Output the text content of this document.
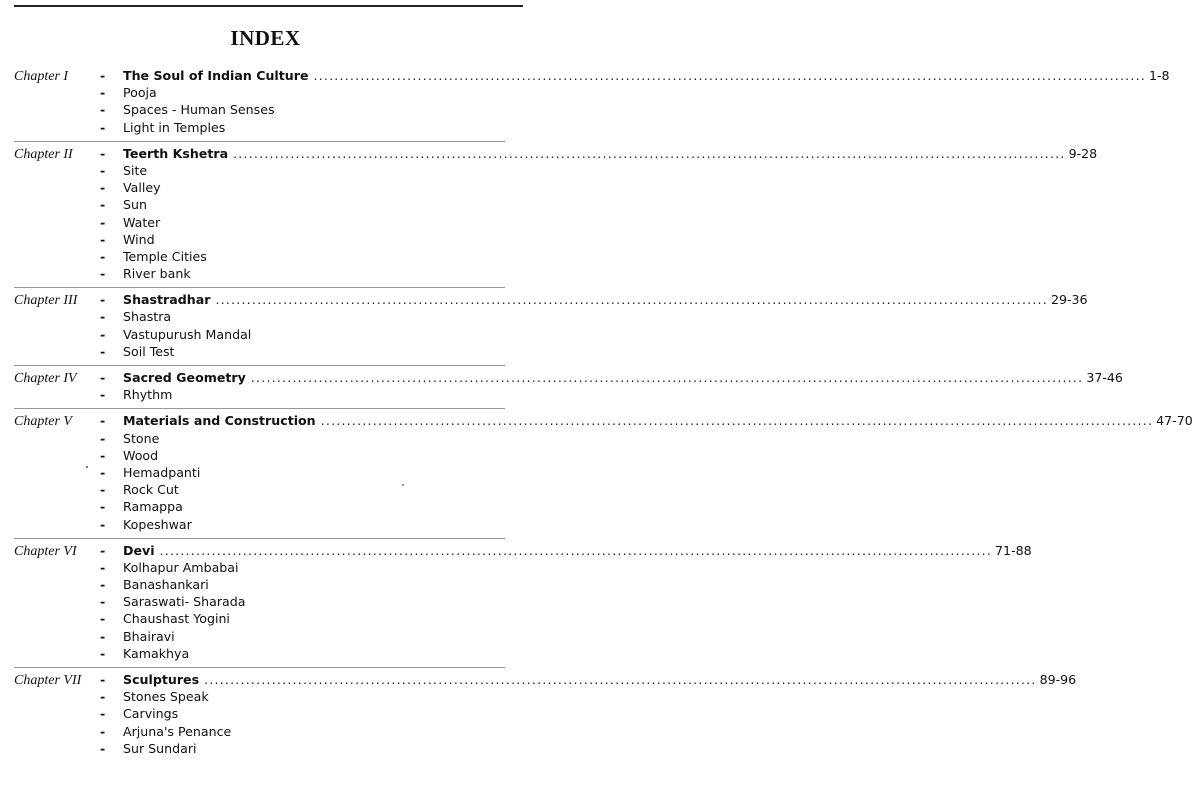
INDEX
Chapter I	-	The Soul of Indian Culture ................................................................................................................................................................ 1-8
-	Pooja
-	Spaces - Human Senses
-	Light in Temples
Chapter II	-	Teerth Kshetra ................................................................................................................................................................ 9-28
-	Site
-	Valley
-	Sun
-	Water
-	Wind
-	Temple Cities
-	River bank
Chapter III	-	Shastradhar ................................................................................................................................................................ 29-36
-	Shastra
-	Vastupurush Mandal
-	Soil Test
Chapter IV	-	Sacred Geometry ................................................................................................................................................................ 37-46
-	Rhythm
Chapter V	-	Materials and Construction ................................................................................................................................................................ 47-70
-	Stone
-	Wood
-	Hemadpanti
-	Rock Cut
-	Ramappa
-	Kopeshwar
Chapter VI	-	Devi ................................................................................................................................................................ 71-88
-	Kolhapur Ambabai
-	Banashankari
-	Saraswati- Sharada
-	Chaushast Yogini
-	Bhairavi
-	Kamakhya
Chapter VII	-	Sculptures ................................................................................................................................................................ 89-96
-	Stones Speak
-	Carvings
-	Arjuna's Penance
-	Sur Sundari
